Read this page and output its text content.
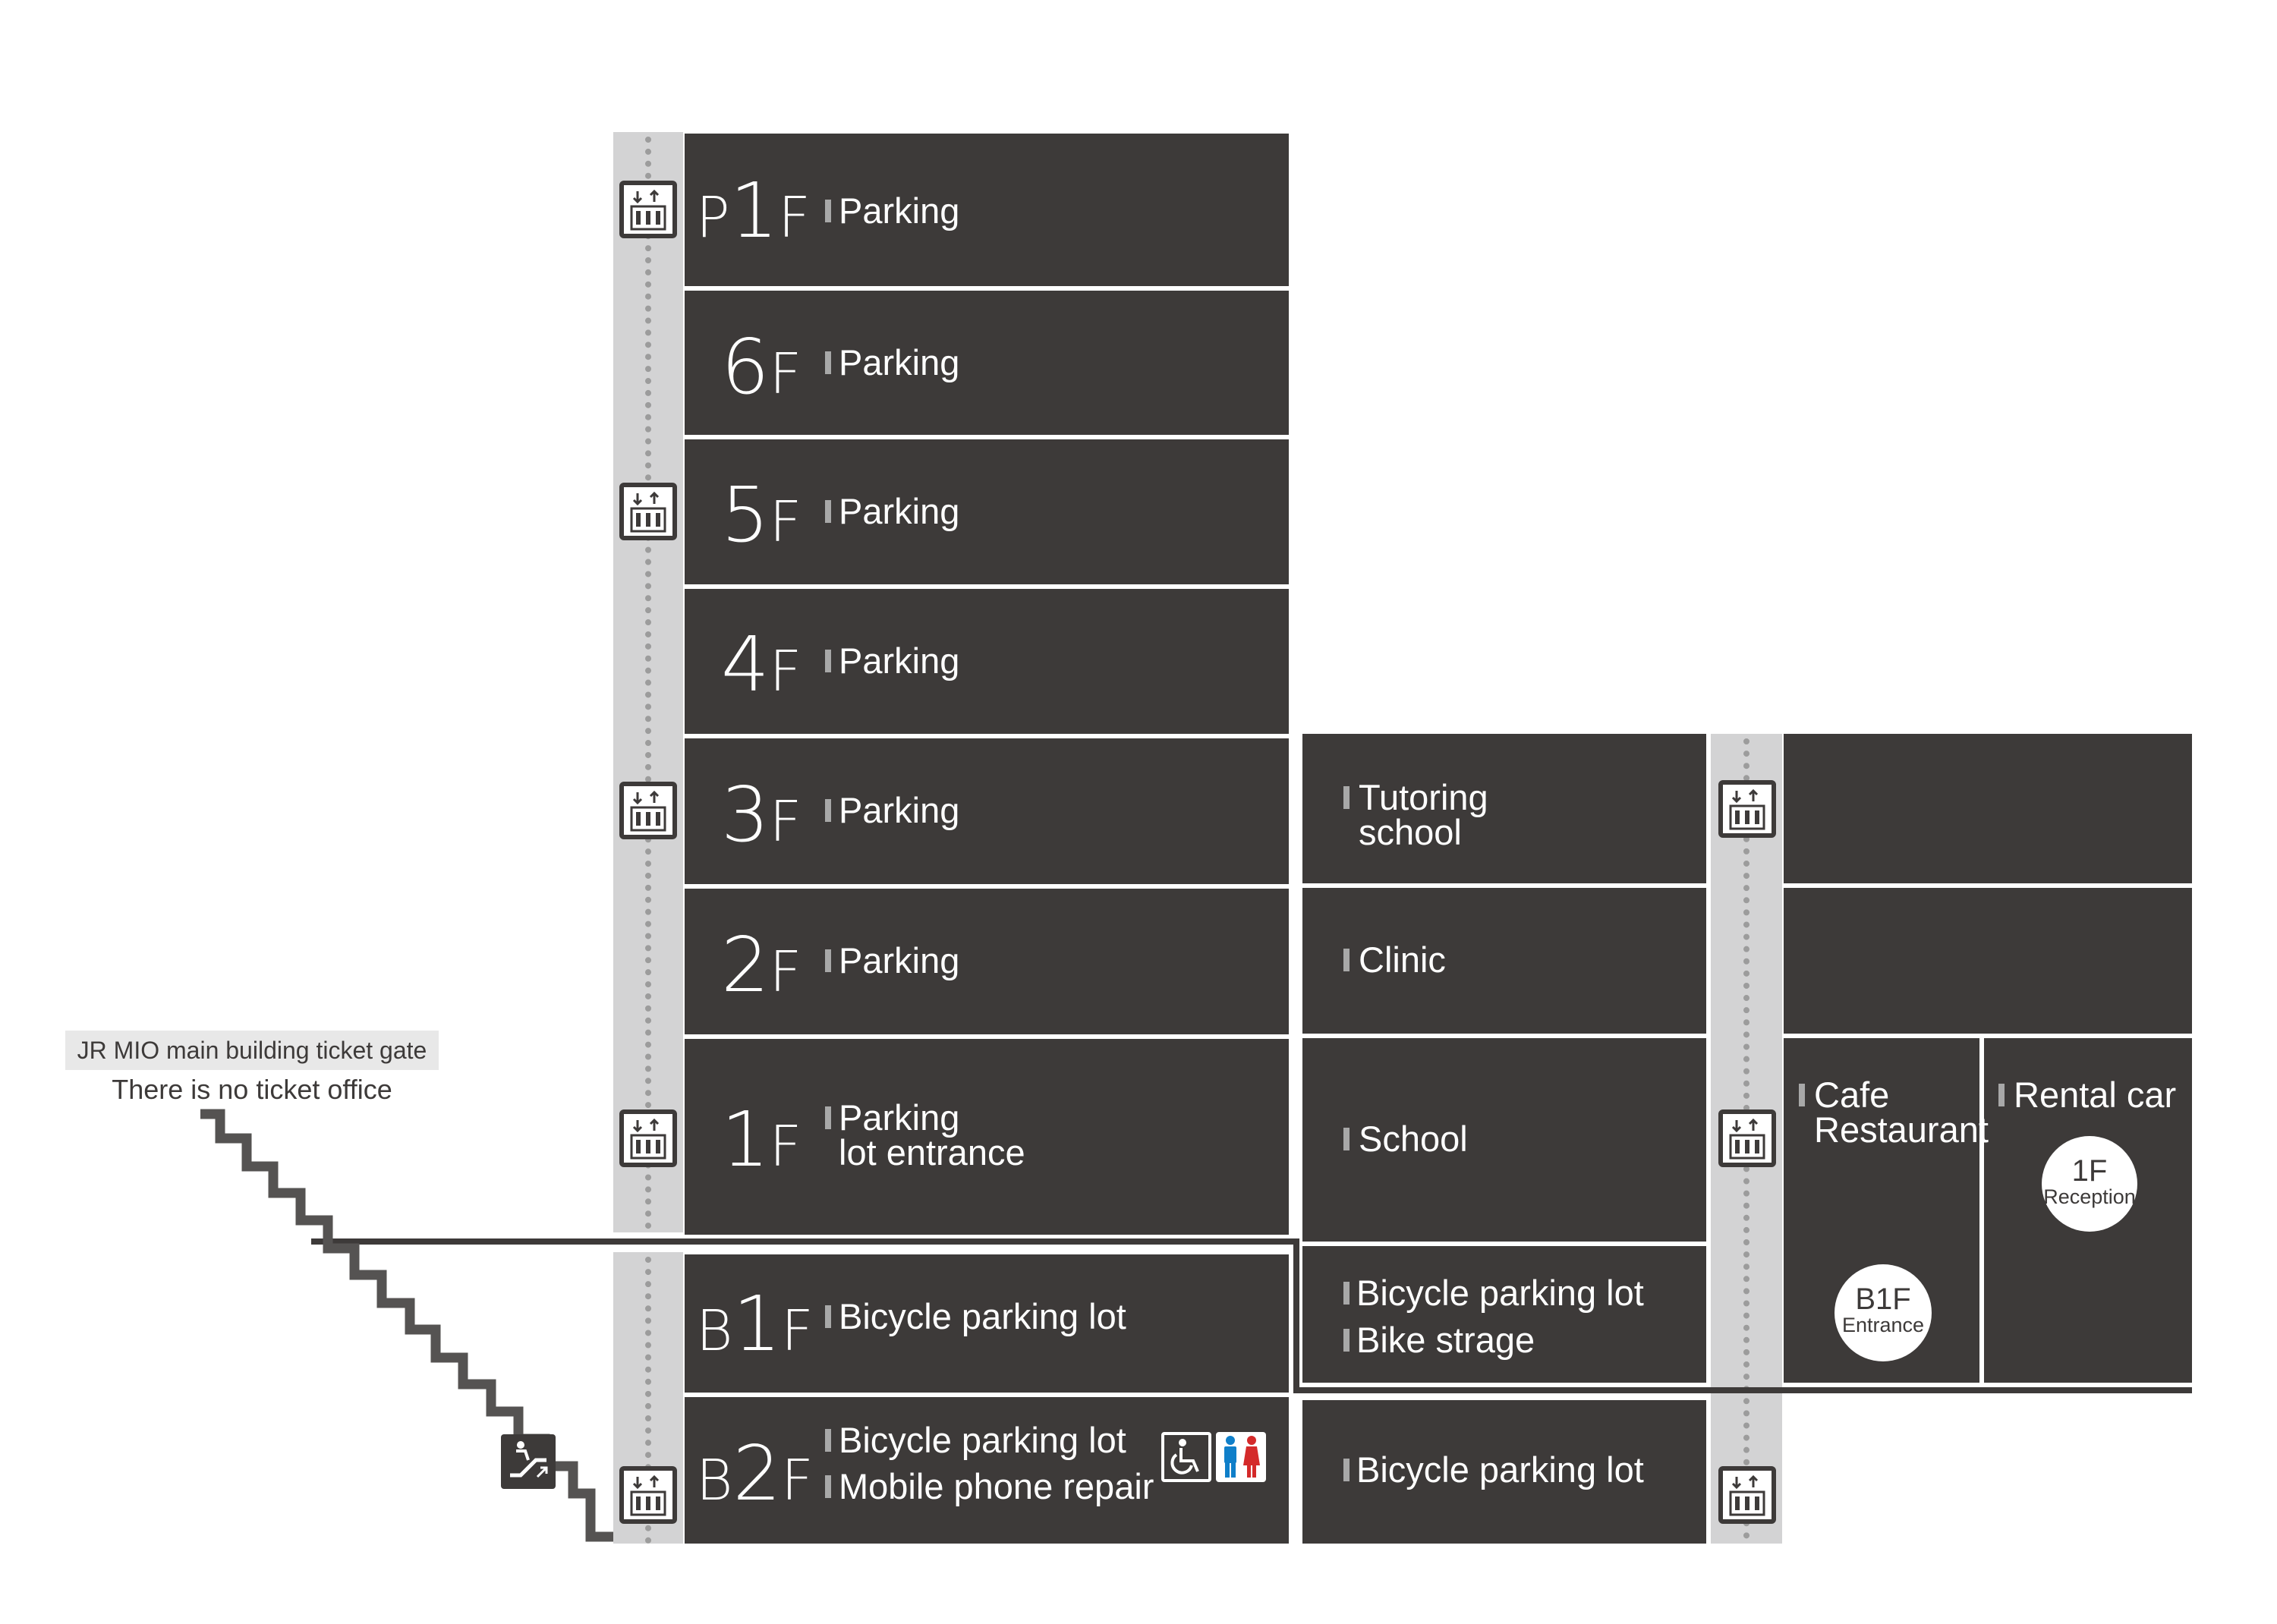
P1F
6F
5F
4F
3F
2F
1F
B1F
B2F
Parking
Parking
Parking
Parking
Parking
Parking
Parking
lot entrance
Bicycle parking lot
Bicycle parking lot
Mobile phone repair
Tutoring
school
Clinic
School
Bicycle parking lot
Bike strage
Bicycle parking lot
Cafe
Restaurant
Rental car
B1F
Entrance
1F
Reception
JR MIO main building ticket gate
There is no ticket office
